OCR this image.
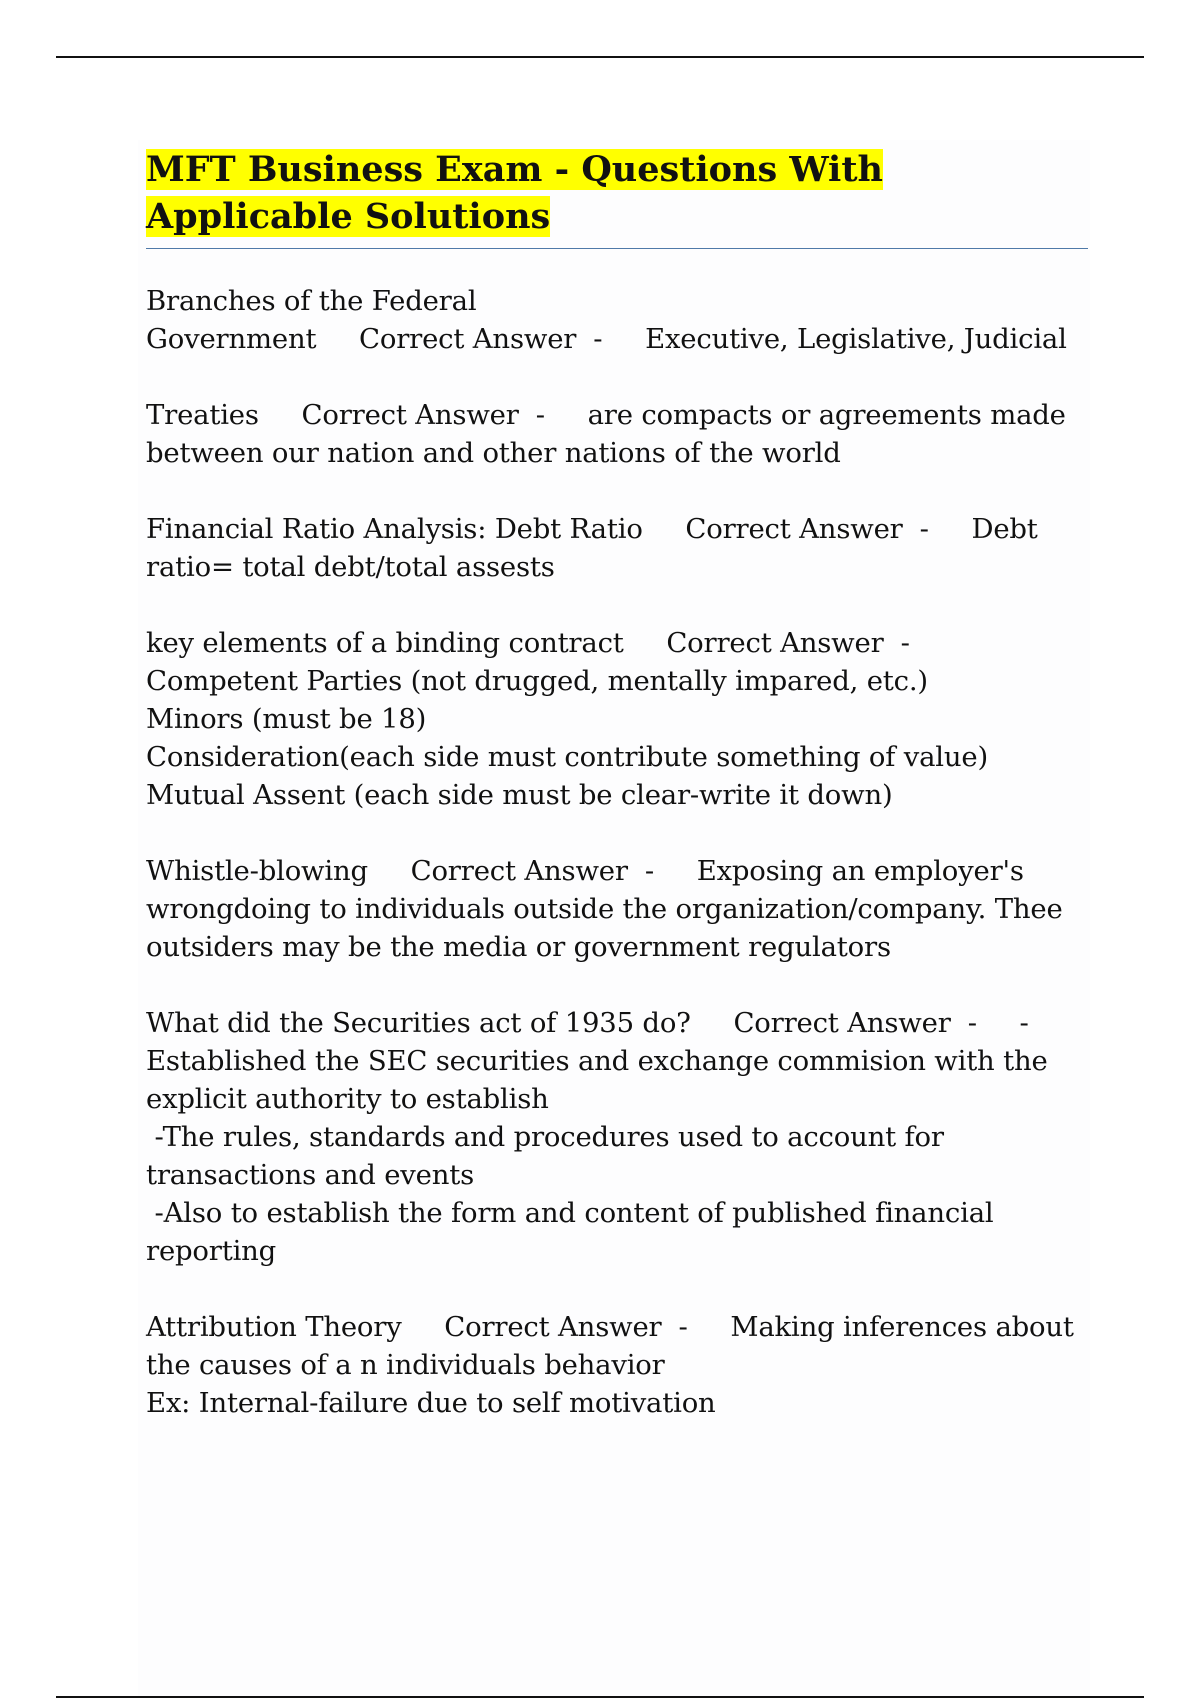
MFT Business Exam - Questions With Applicable Solutions
Branches of the Federal Government     Correct Answer  -     Executive, Legislative, Judicial
Treaties     Correct Answer  -     are compacts or agreements made between our nation and other nations of the world
Financial Ratio Analysis: Debt Ratio     Correct Answer  -     Debt ratio= total debt/total assests
key elements of a binding contract     Correct Answer  -
Competent Parties (not drugged, mentally impared, etc.)
Minors (must be 18)
Consideration(each side must contribute something of value)
Mutual Assent (each side must be clear-write it down)
Whistle-blowing     Correct Answer  -     Exposing an employer's wrongdoing to individuals outside the organization/company. Thee outsiders may be the media or government regulators
What did the Securities act of 1935 do?     Correct Answer  -     - Established the SEC securities and exchange commision with the explicit authority to establish
-The rules, standards and procedures used to account for transactions and events
-Also to establish the form and content of published financial reporting
Attribution Theory     Correct Answer  -     Making inferences about the causes of a n individuals behavior
Ex: Internal-failure due to self motivation
